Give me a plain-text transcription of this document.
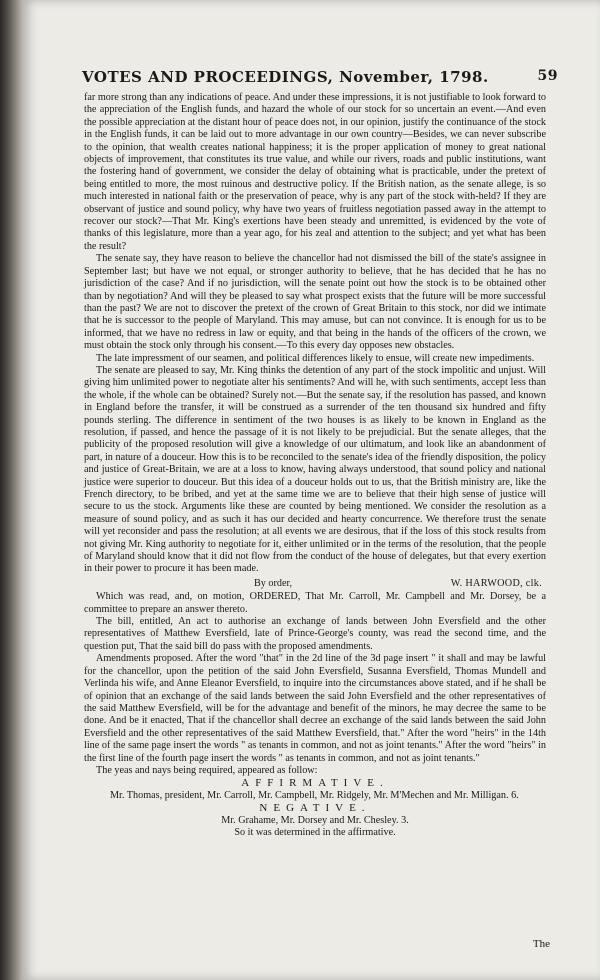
VOTES AND PROCEEDINGS, November, 1798.	59

far more strong than any indications of peace. And under these impressions, it is not justifiable to look forward to the appreciation of the English funds, and hazard the whole of our stock for so uncertain an event.—And even the possible appreciation at the distant hour of peace does not, in our opinion, justify the continuance of the stock in the English funds, it can be laid out to more advantage in our own country—Besides, we can never subscribe to the opinion, that wealth creates national happiness; it is the proper application of money to great national objects of improvement, that constitutes its true value, and while our rivers, roads and public institutions, want the fostering hand of government, we consider the delay of obtaining what is practicable, under the pretext of being entitled to more, the most ruinous and destructive policy. If the British nation, as the senate allege, is so much interested in national faith or the preservation of peace, why is any part of the stock with-held? If they are observant of justice and sound policy, why have two years of fruitless negotiation passed away in the attempt to recover our stock?—That Mr. King's exertions have been steady and unremitted, is evidenced by the vote of thanks of this legislature, more than a year ago, for his zeal and attention to the subject; and yet what has been the result?

The senate say, they have reason to believe the chancellor had not dismissed the bill of the state's assignee in September last; but have we not equal, or stronger authority to believe, that he has decided that he has no jurisdiction of the case? And if no jurisdiction, will the senate point out how the stock is to be obtained other than by negotiation? And will they be pleased to say what prospect exists that the future will be more successful than the past? We are not to discover the pretext of the crown of Great Britain to this stock, nor did we intimate that he is successor to the people of Maryland. This may amuse, but can not convince. It is enough for us to be informed, that we have no redress in law or equity, and that being in the hands of the officers of the crown, we must obtain the stock only through his consent.—To this every day opposes new obstacles.

The late impressment of our seamen, and political differences likely to ensue, will create new impediments.

The senate are pleased to say, Mr. King thinks the detention of any part of the stock impolitic and unjust. Will giving him unlimited power to negotiate alter his sentiments? And will he, with such sentiments, accept less than the whole, if the whole can be obtained? Surely not.—But the senate say, if the resolution has passed, and known in England before the transfer, it will be construed as a surrender of the ten thousand six hundred and fifty pounds sterling. The difference in sentiment of the two houses is as likely to be known in England as the resolution, if passed, and hence the passage of it is not likely to be prejudicial. But the senate alleges, that the publicity of the proposed resolution will give a knowledge of our ultimatum, and look like an abandonment of part, in nature of a douceur. How this is to be reconciled to the senate's idea of the friendly disposition, the policy and justice of Great-Britain, we are at a loss to know, having always understood, that sound policy and national justice were superior to douceur. But this idea of a douceur holds out to us, that the British ministry are, like the French directory, to be bribed, and yet at the same time we are to believe that their high sense of justice will secure to us the stock. Arguments like these are counted by being mentioned. We consider the resolution as a measure of sound policy, and as such it has our decided and hearty concurrence. We therefore trust the senate will yet reconsider and pass the resolution; at all events we are desirous, that if the loss of this stock results from not giving Mr. King authority to negotiate for it, either unlimited or in the terms of the resolution, that the people of Maryland should know that it did not flow from the conduct of the house of delegates, but that every exertion in their power to procure it has been made.

By order,	W. HARWOOD, clk.

Which was read, and, on motion, ORDERED, That Mr. Carroll, Mr. Campbell and Mr. Dorsey, be a committee to prepare an answer thereto.

The bill, entitled, An act to authorise an exchange of lands between John Eversfield and the other representatives of Matthew Eversfield, late of Prince-George's county, was read the second time, and the question put, That the said bill do pass with the proposed amendments.

Amendments proposed. After the word "that" in the 2d line of the 3d page insert " it shall and may be lawful for the chancellor, upon the petition of the said John Eversfield, Susanna Eversfield, Thomas Mundell and Verlinda his wife, and Anne Eleanor Eversfield, to inquire into the circumstances above stated, and if he shall be of opinion that an exchange of the said lands between the said John Eversfield and the other representatives of the said Matthew Eversfield, will be for the advantage and benefit of the minors, he may decree the same to be done. And be it enacted, That if the chancellor shall decree an exchange of the said lands between the said John Eversfield and the other representatives of the said Matthew Eversfield, that." After the word "heirs" in the 14th line of the same page insert the words " as tenants in common, and not as joint tenants." After the word "heirs" in the first line of the fourth page insert the words " as tenants in common, and not as joint tenants."

The yeas and nays being required, appeared as follow:

AFFIRMATIVE.

Mr. Thomas, president, Mr. Carroll, Mr. Campbell, Mr. Ridgely, Mr. M'Mechen and Mr. Milligan. 6.

NEGATIVE.

Mr. Grahame, Mr. Dorsey and Mr. Chesley. 3.

So it was determined in the affirmative.

The
